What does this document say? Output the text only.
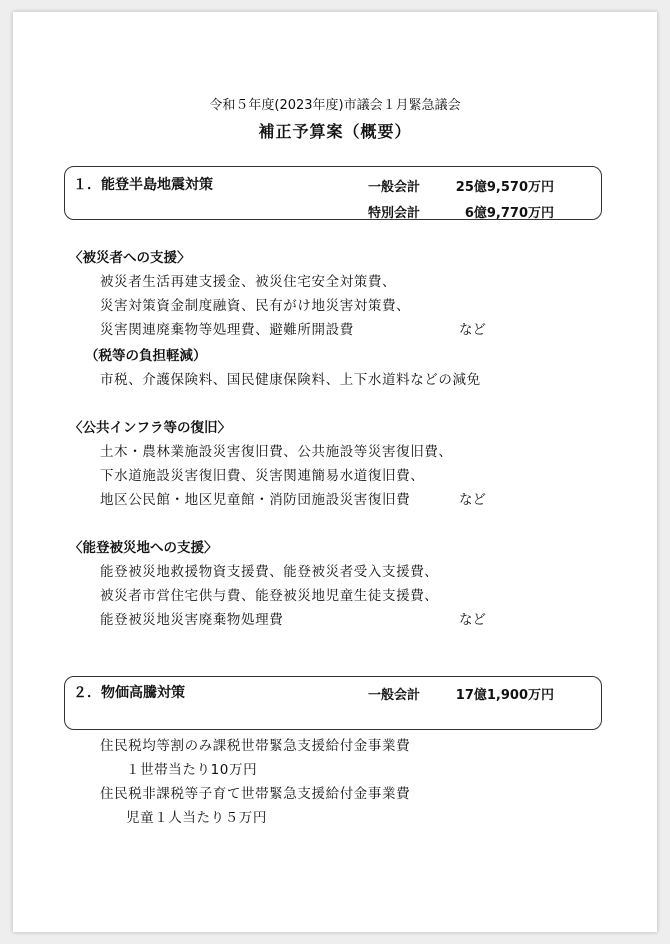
令和５年度(2023年度)市議会１月緊急議会
補正予算案（概要）
１．能登半島地震対策	一般会計	25億9,570万円
特別会計	6億9,770万円
〈被災者への支援〉
被災者生活再建支援金、被災住宅安全対策費、
災害対策資金制度融資、民有がけ地災害対策費、
災害関連廃棄物等処理費、避難所開設費	など
（税等の負担軽減）
市税、介護保険料、国民健康保険料、上下水道料などの減免
〈公共インフラ等の復旧〉
土木・農林業施設災害復旧費、公共施設等災害復旧費、
下水道施設災害復旧費、災害関連簡易水道復旧費、
地区公民館・地区児童館・消防団施設災害復旧費	など
〈能登被災地への支援〉
能登被災地救援物資支援費、能登被災者受入支援費、
被災者市営住宅供与費、能登被災地児童生徒支援費、
能登被災地災害廃棄物処理費	など
２．物価高騰対策	一般会計	17億1,900万円
住民税均等割のみ課税世帯緊急支援給付金事業費
１世帯当たり10万円
住民税非課税等子育て世帯緊急支援給付金事業費
児童１人当たり５万円
